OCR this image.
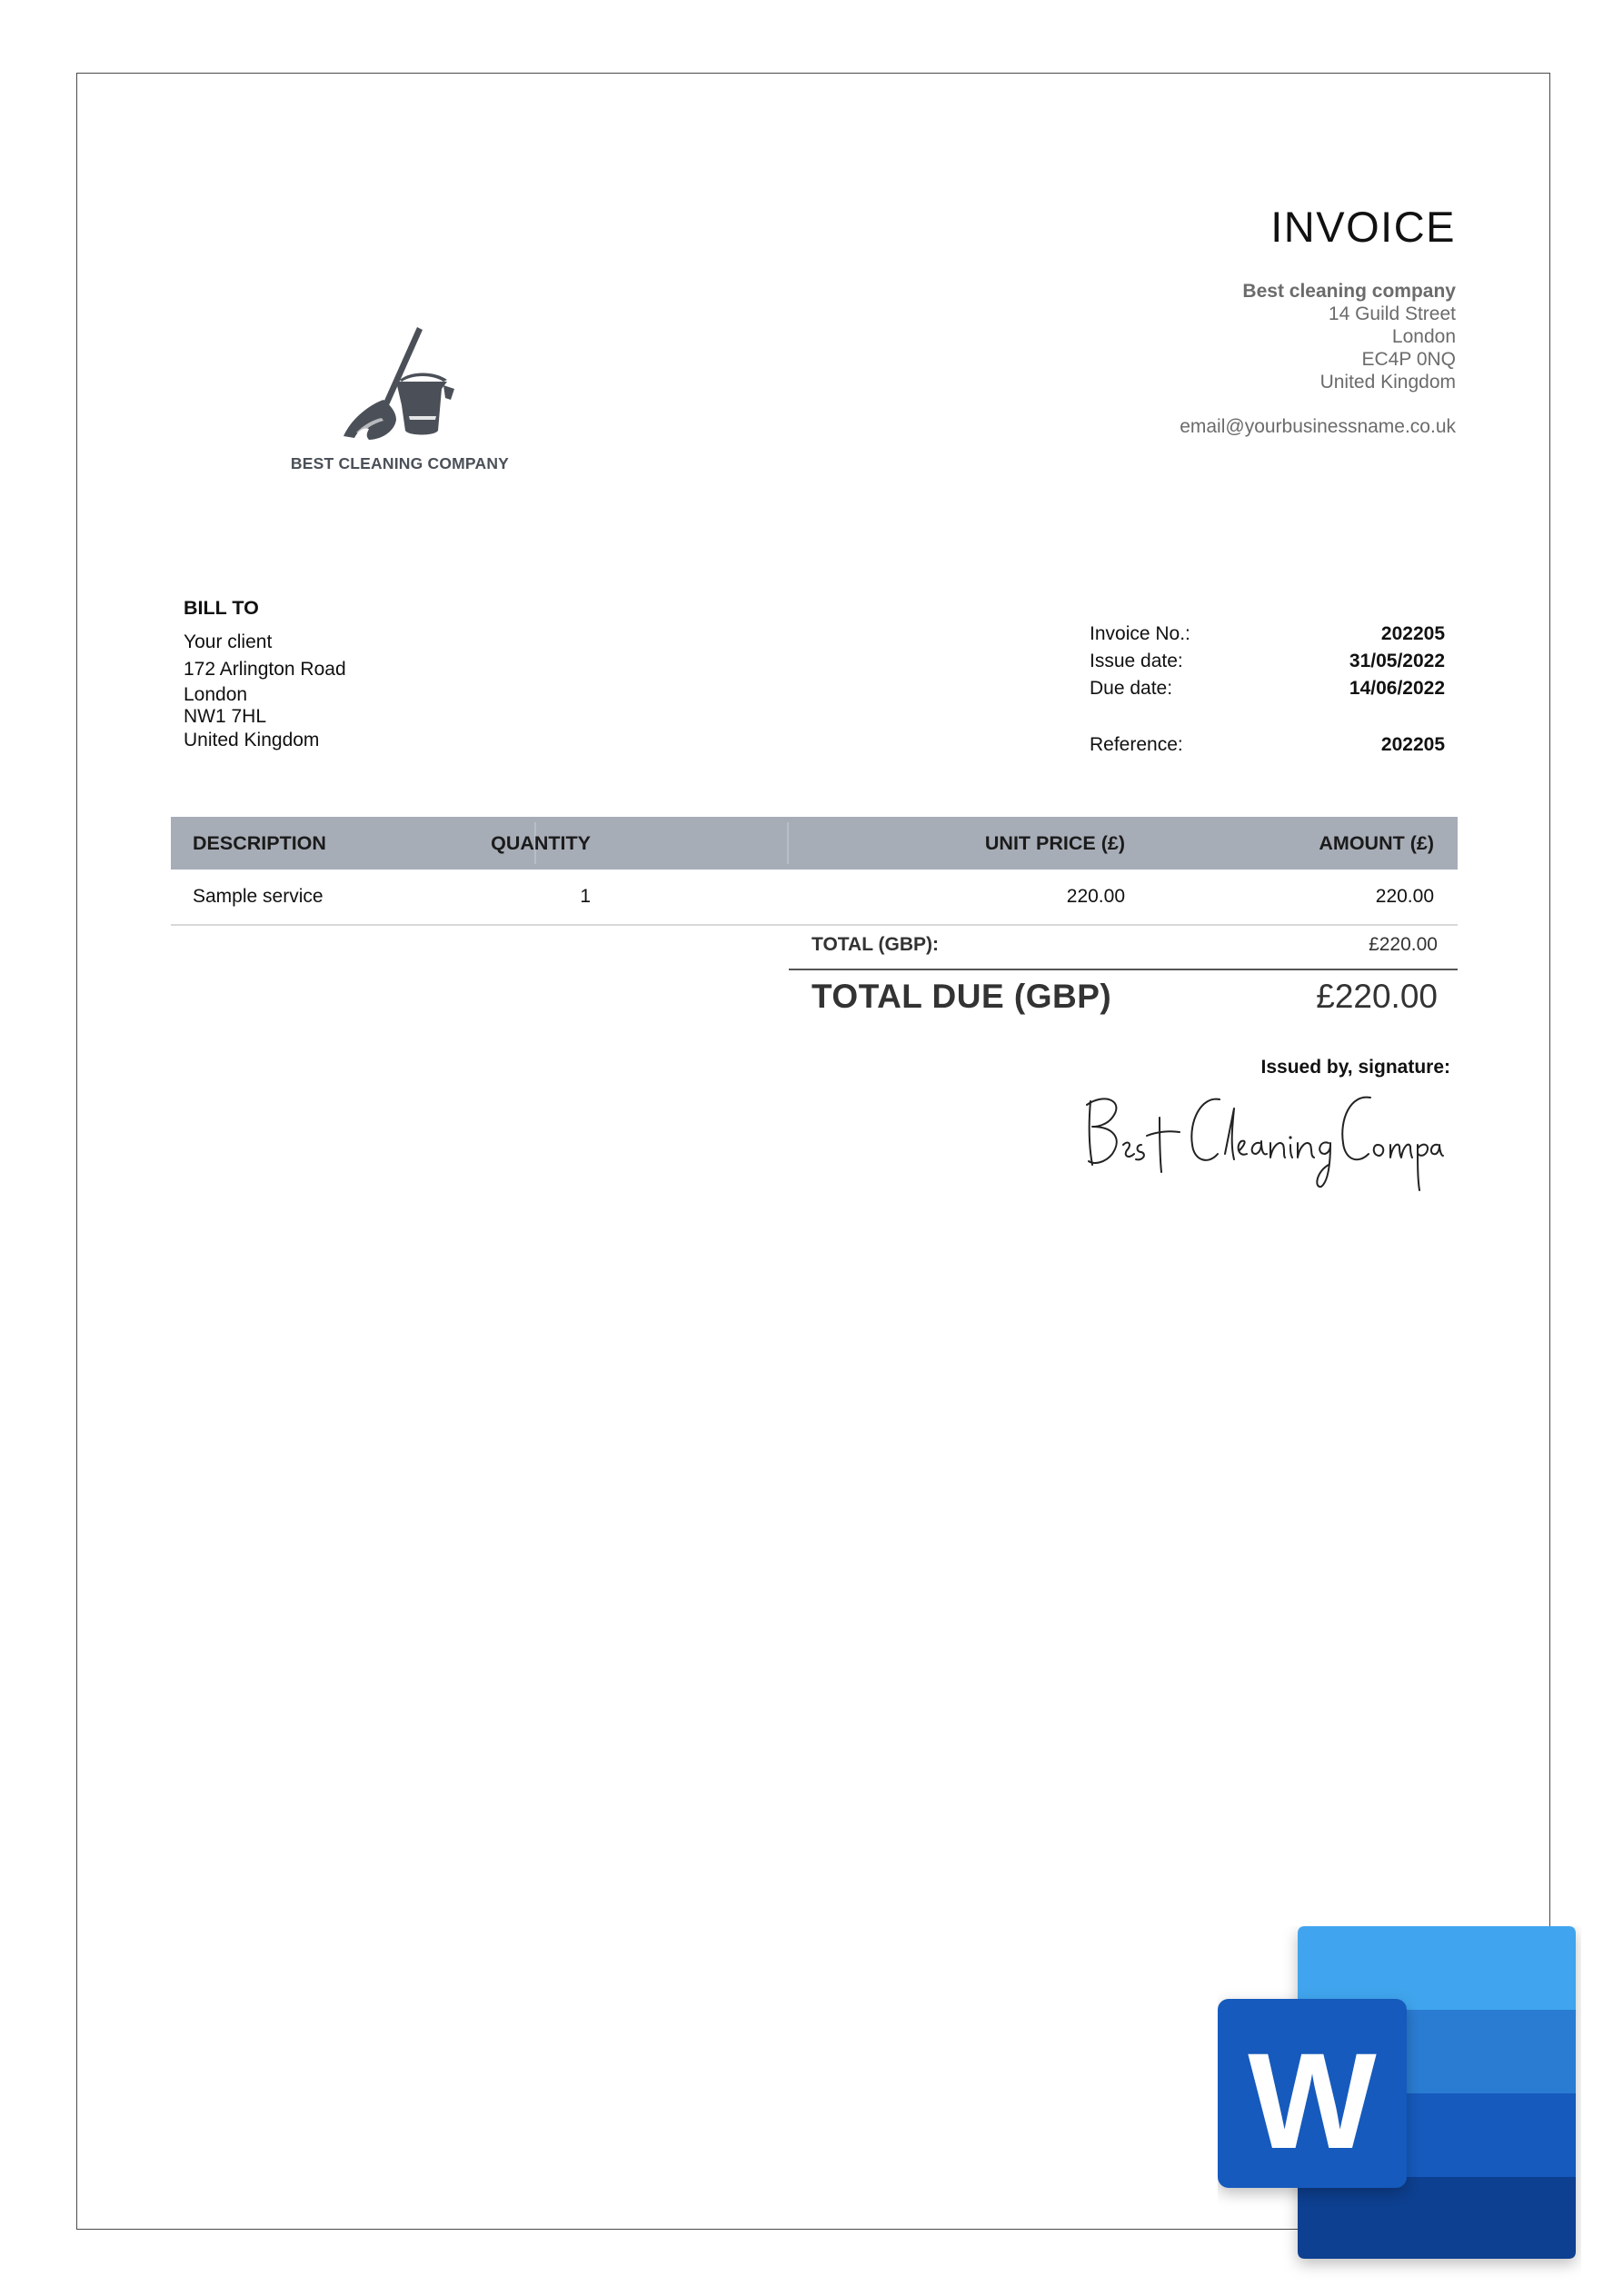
BEST CLEANING COMPANY
INVOICE
Best cleaning company
14 Guild Street
London
EC4P 0NQ
United Kingdom
email@yourbusinessname.co.uk
BILL TO
Your client
172 Arlington Road
London
NW1 7HL
United Kingdom
Invoice No.:	202205
Issue date:	31/05/2022
Due date:	14/06/2022
Reference:	202205
DESCRIPTION	QUANTITY	UNIT PRICE (£)	AMOUNT (£)
Sample service	1	220.00	220.00
TOTAL (GBP):	£220.00
TOTAL DUE (GBP)	£220.00
Issued by, signature:
W
